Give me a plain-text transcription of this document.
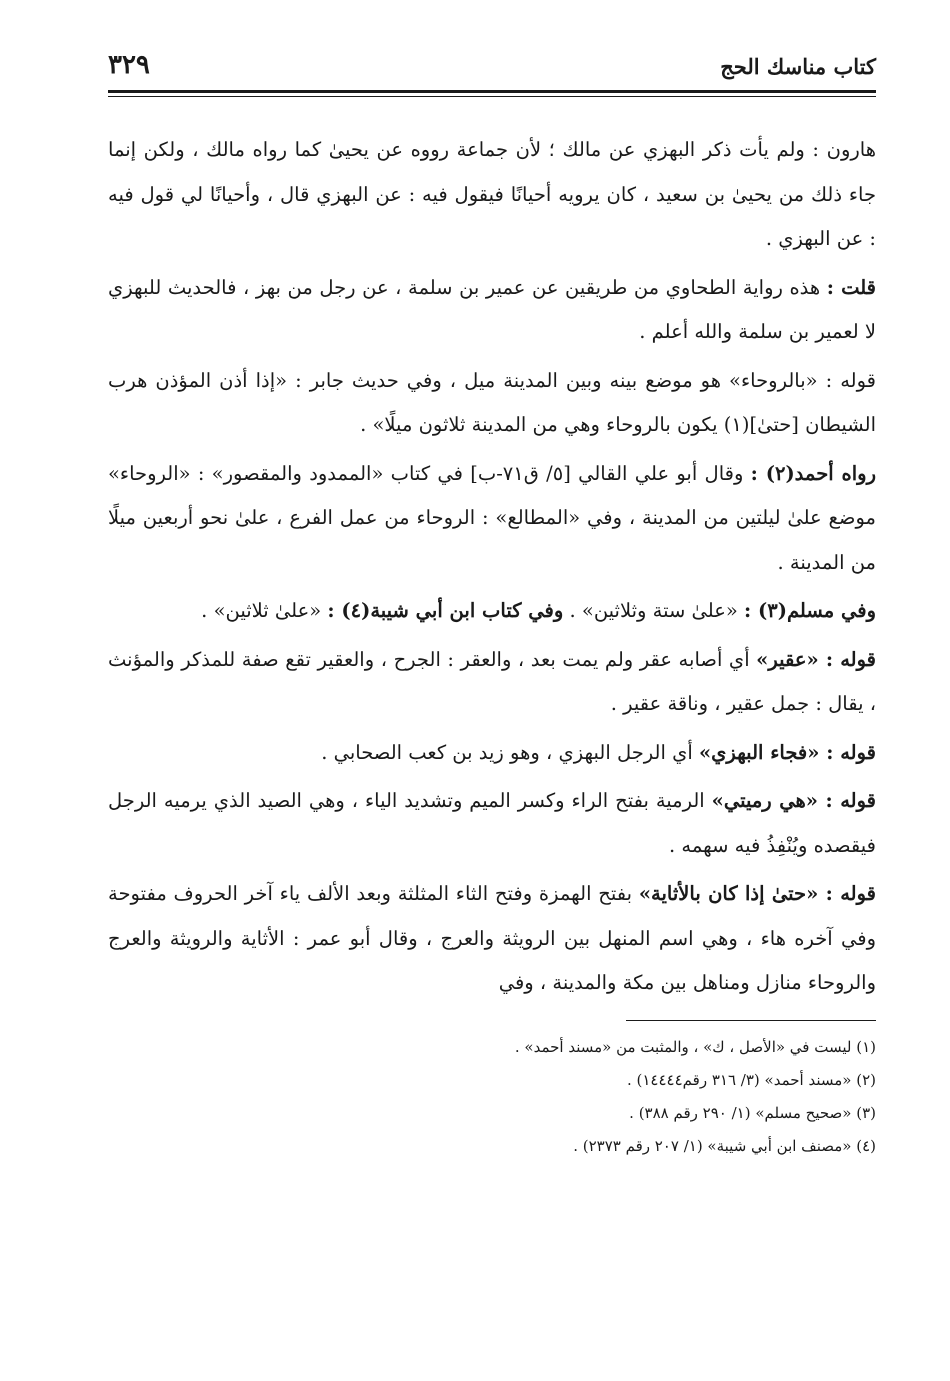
كتاب مناسك الحج
٣٢٩

هارون : ولم يأت ذكر البهزي عن مالك ؛ لأن جماعة رووه عن يحيىٰ كما رواه مالك ، ولكن إنما جاء ذلك من يحيىٰ بن سعيد ، كان يرويه أحيانًا فيقول فيه : عن البهزي قال ، وأحيانًا لي قول فيه : عن البهزي .

قلت : هذه رواية الطحاوي من طريقين عن عمير بن سلمة ، عن رجل من بهز ، فالحديث للبهزي لا لعمير بن سلمة والله أعلم .

قوله : «بالروحاء» هو موضع بينه وبين المدينة ميل ، وفي حديث جابر : «إذا أذن المؤذن هرب الشيطان [حتىٰ](١) يكون بالروحاء وهي من المدينة ثلاثون ميلًا» .

رواه أحمد(٢) : وقال أبو علي القالي [٥/ ق٧١-ب] في كتاب «الممدود والمقصور» : «الروحاء» موضع علىٰ ليلتين من المدينة ، وفي «المطالع» : الروحاء من عمل الفرع ، علىٰ نحو أربعين ميلًا من المدينة .

وفي مسلم(٣) : «علىٰ ستة وثلاثين» . وفي كتاب ابن أبي شيبة(٤) : «علىٰ ثلاثين» .

قوله : «عقير» أي أصابه عقر ولم يمت بعد ، والعقر : الجرح ، والعقير تقع صفة للمذكر والمؤنث ، يقال : جمل عقير ، وناقة عقير .

قوله : «فجاء البهزي» أي الرجل البهزي ، وهو زيد بن كعب الصحابي .

قوله : «هي رميتي» الرمية بفتح الراء وكسر الميم وتشديد الياء ، وهي الصيد الذي يرميه الرجل فيقصده ويُنْفِذُ فيه سهمه .

قوله : «حتىٰ إذا كان بالأثاية» بفتح الهمزة وفتح الثاء المثلثة وبعد الألف ياء آخر الحروف مفتوحة وفي آخره هاء ، وهي اسم المنهل بين الرويثة والعرج ، وقال أبو عمر : الأثاية والرويثة والعرج والروحاء منازل ومناهل بين مكة والمدينة ، وفي

(١) ليست في «الأصل ، ك» ، والمثبت من «مسند أحمد» .

(٢) «مسند أحمد» (٣/ ٣١٦ رقم١٤٤٤٤) .

(٣) «صحيح مسلم» (١/ ٢٩٠ رقم ٣٨٨) .

(٤) «مصنف ابن أبي شيبة» (١/ ٢٠٧ رقم ٢٣٧٣) .
